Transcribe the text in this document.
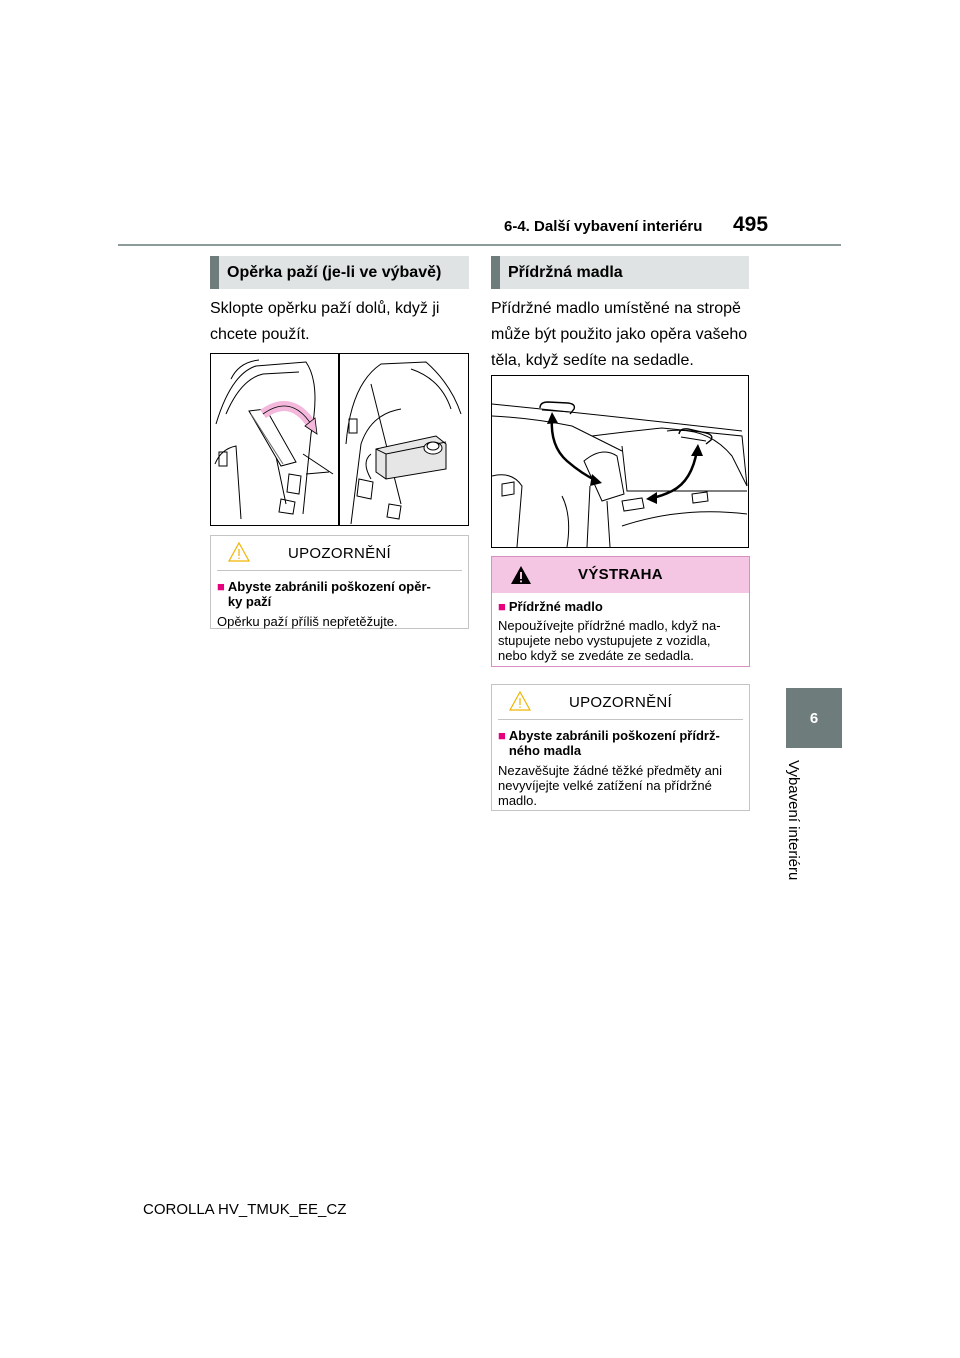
6-4. Další vybavení interiéru 495
6
Vybavení interiéru
Opěrka paží (je-li ve výbavě)
Sklopte opěrku paží dolů, když ji
chcete použít.
UPOZORNĚNÍ
■ Abyste zabránili poškození opěr-
ky paží
Opěrku paží příliš nepřetěžujte.
Přídržná madla
Přídržné madlo umístěné na stropě
může být použito jako opěra vašeho
těla, když sedíte na sedadle.
VÝSTRAHA
■ Přídržné madlo
Nepoužívejte přídržné madlo, když na-
stupujete nebo vystupujete z vozidla,
nebo když se zvedáte ze sedadla.
UPOZORNĚNÍ
■ Abyste zabránili poškození přídrž-
ného madla
Nezavěšujte žádné těžké předměty ani
nevyvíjejte velké zatížení na přídržné
madlo.
COROLLA HV_TMUK_EE_CZ
